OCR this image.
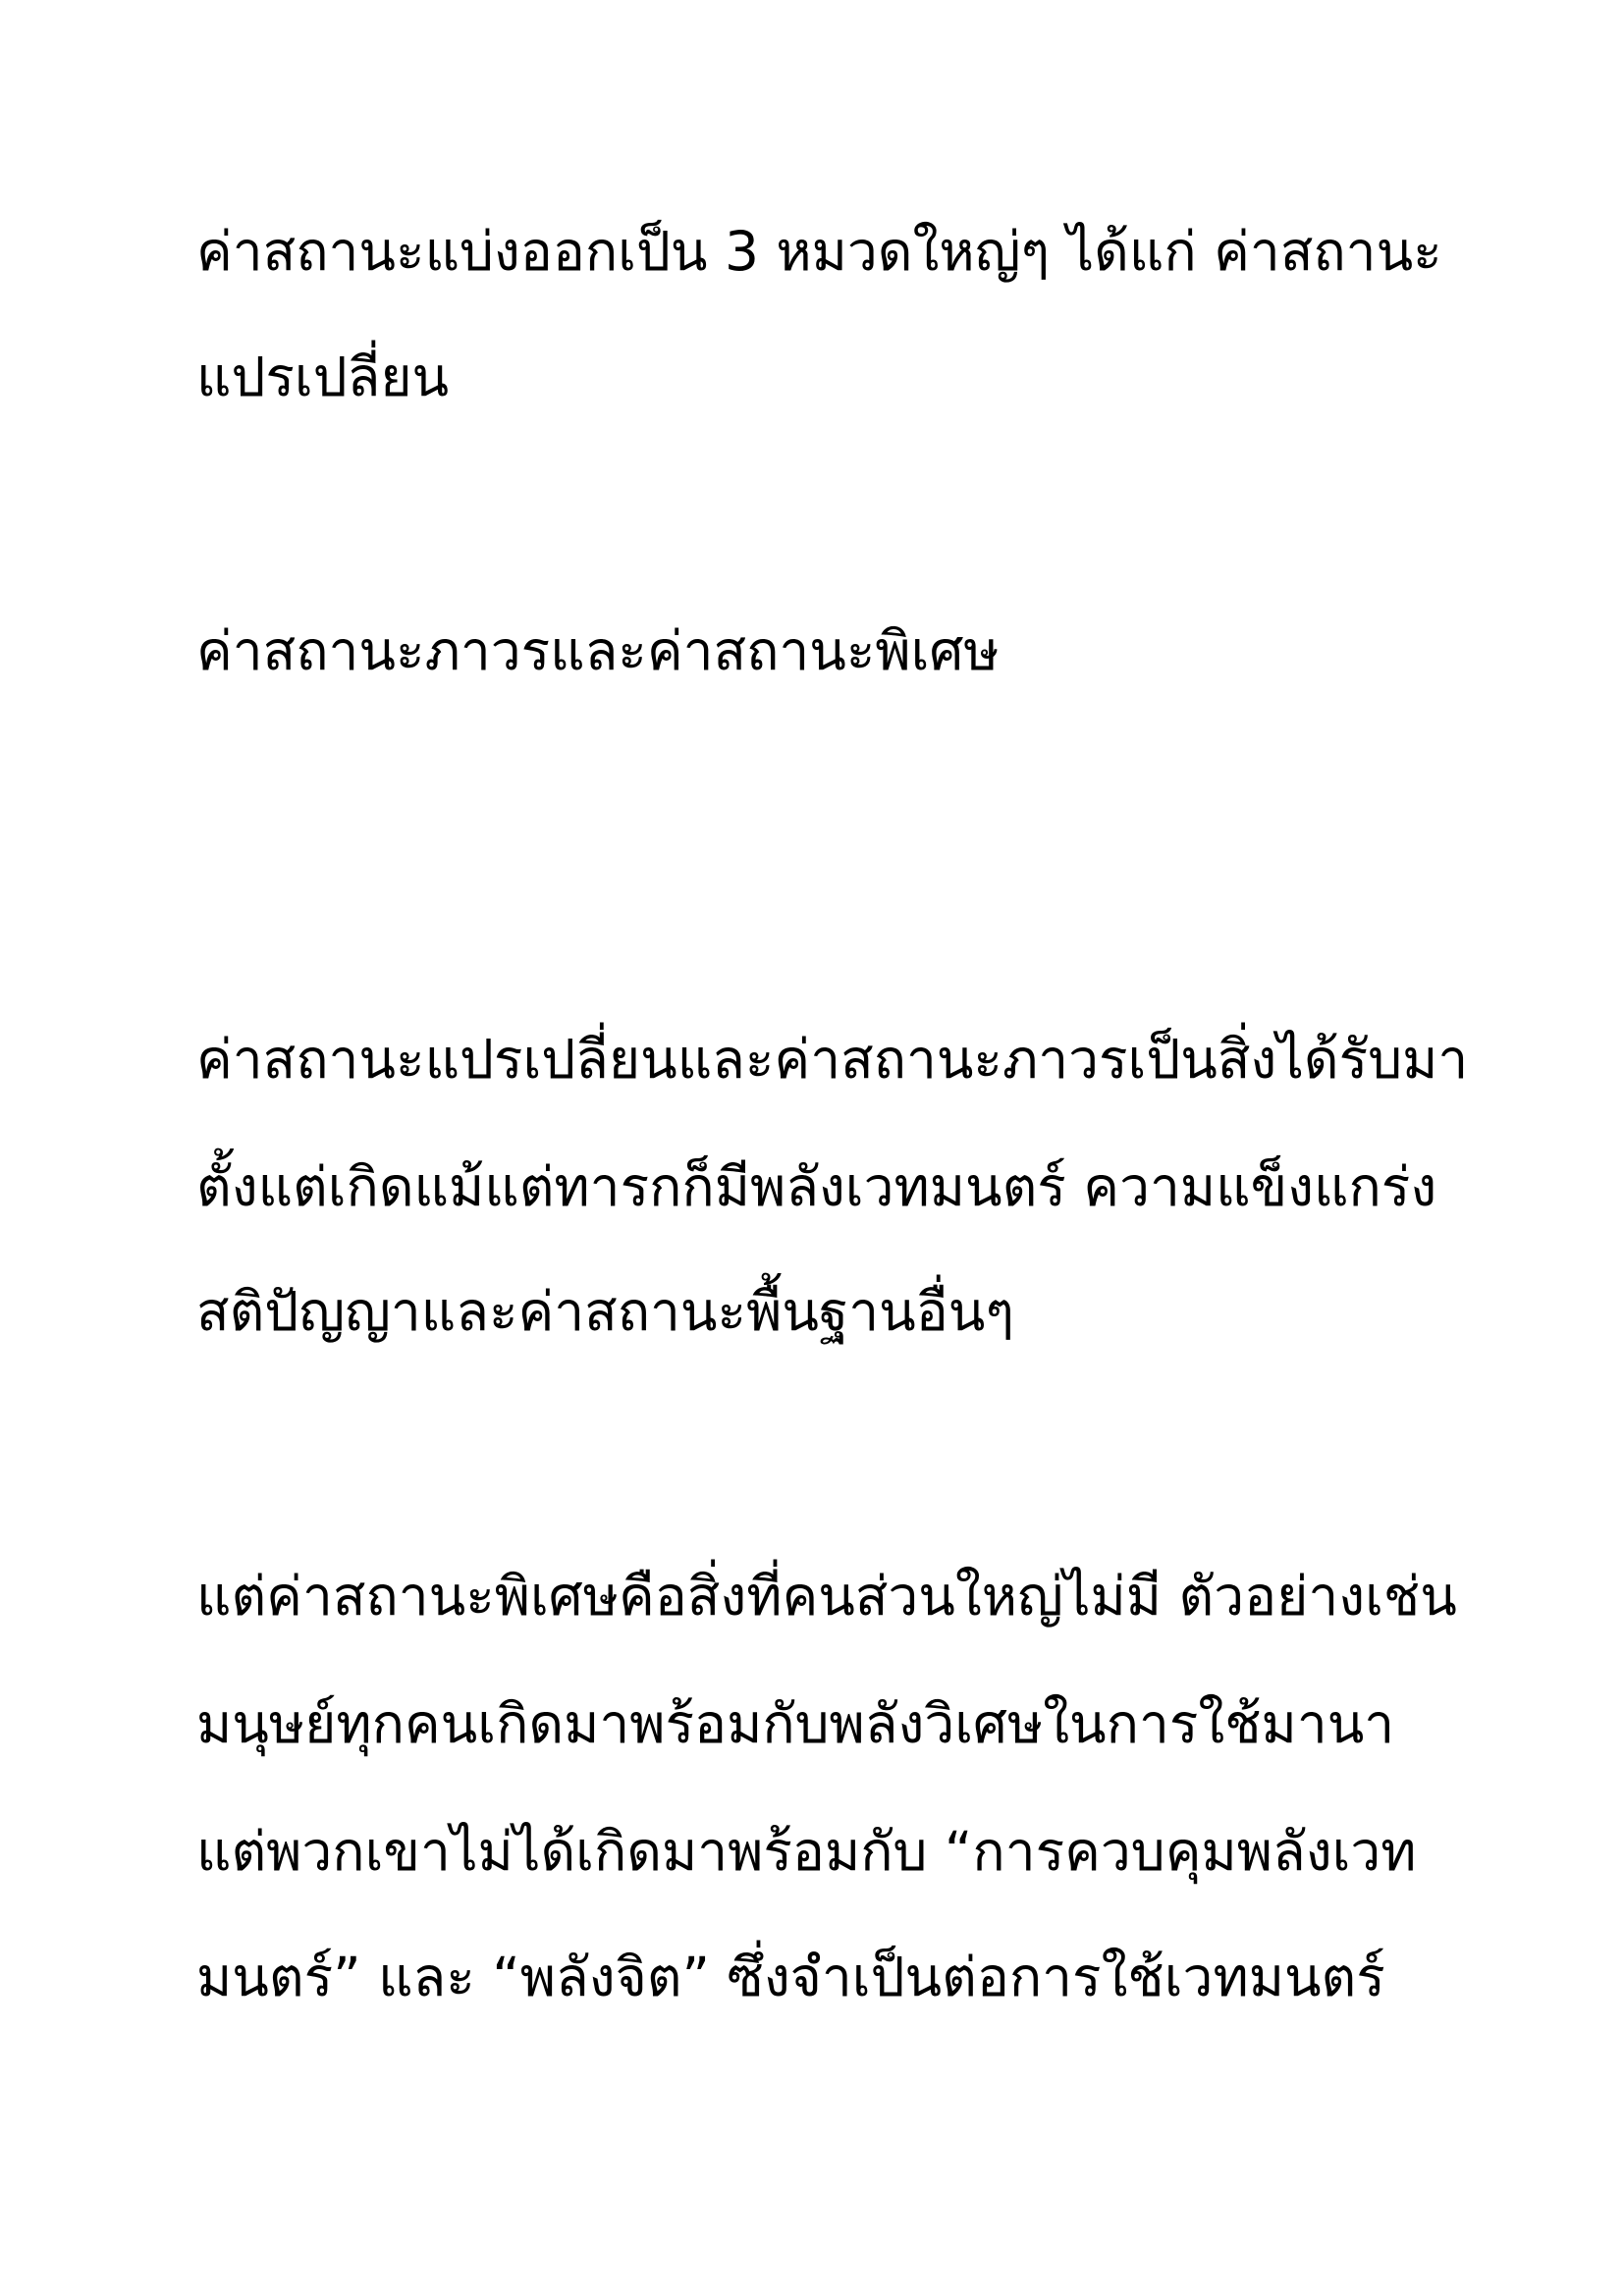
ค่าสถานะแบ่งออกเป็น 3 หมวดใหญ่ๆ ได้แก่ ค่าสถานะ
แปรเปลี่ยน
ค่าสถานะภาวรและค่าสถานะพิเศษ
ค่าสถานะแปรเปลี่ยนและค่าสถานะภาวรเป็นสิ่งได้รับมา
ตั้งแต่เกิดแม้แต่ทารกก็มีพลังเวทมนตร์ ความแข็งแกร่ง
สติปัญญาและค่าสถานะพื้นฐานอื่นๆ
แต่ค่าสถานะพิเศษคือสิ่งที่คนส่วนใหญ่ไม่มี ตัวอย่างเช่น
มนุษย์ทุกคนเกิดมาพร้อมกับพลังวิเศษในการใช้มานา
แต่พวกเขาไม่ได้เกิดมาพร้อมกับ “การควบคุมพลังเวท
มนตร์” และ “พลังจิต” ซึ่งจำเป็นต่อการใช้เวทมนตร์
